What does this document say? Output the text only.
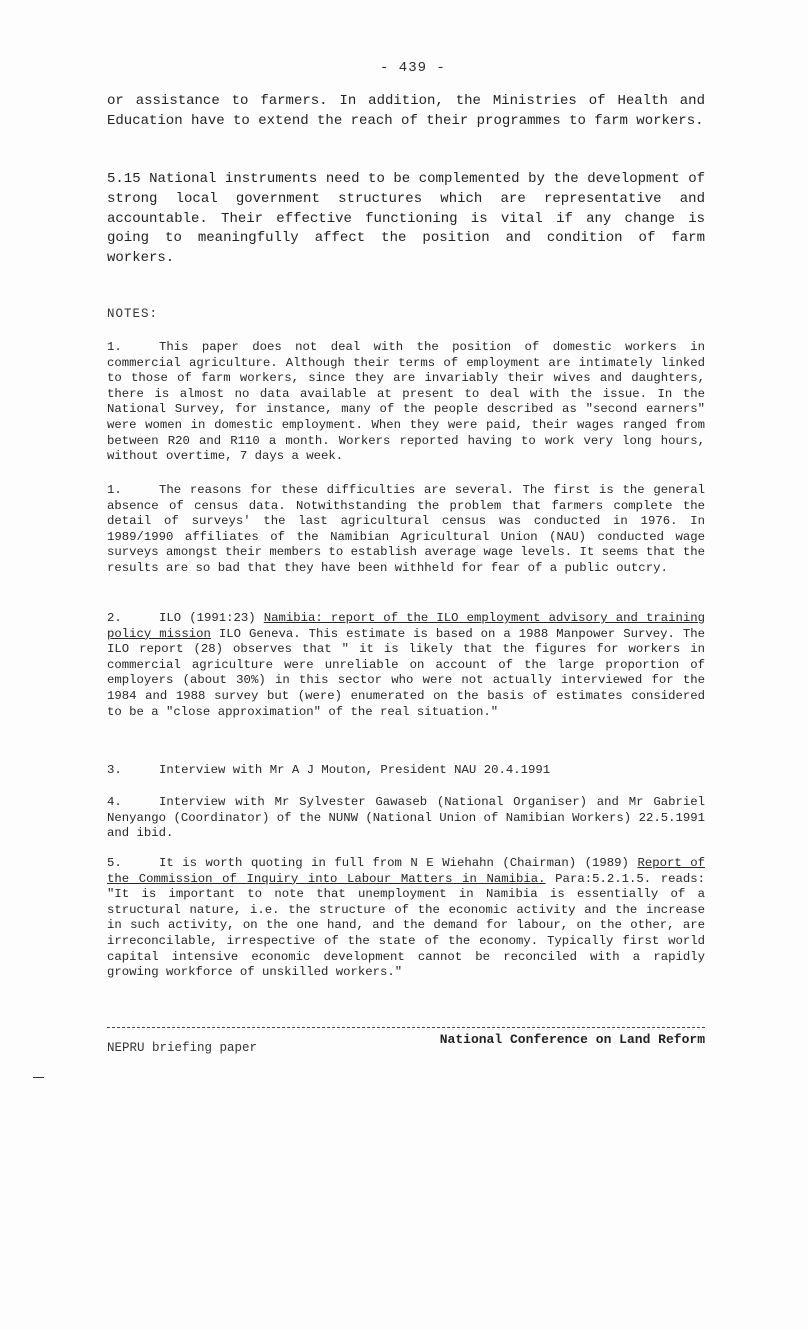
- 439 -
or assistance to farmers. In addition, the Ministries of Health and Education have to extend the reach of their programmes to farm workers.
5.15 National instruments need to be complemented by the development of strong local government structures which are representative and accountable. Their effective functioning is vital if any change is going to meaningfully affect the position and condition of farm workers.
NOTES:
1.	This paper does not deal with the position of domestic workers in commercial agriculture. Although their terms of employment are intimately linked to those of farm workers, since they are invariably their wives and daughters, there is almost no data available at present to deal with the issue. In the National Survey, for instance, many of the people described as "second earners" were women in domestic employment. When they were paid, their wages ranged from between R20 and R110 a month. Workers reported having to work very long hours, without overtime, 7 days a week.
1.	The reasons for these difficulties are several. The first is the general absence of census data. Notwithstanding the problem that farmers complete the detail of surveys' the last agricultural census was conducted in 1976. In 1989/1990 affiliates of the Namibian Agricultural Union (NAU) conducted wage surveys amongst their members to establish average wage levels. It seems that the results are so bad that they have been withheld for fear of a public outcry.
2.	ILO (1991:23) Namibia: report of the ILO employment advisory and training policy mission ILO Geneva. This estimate is based on a 1988 Manpower Survey. The ILO report (28) observes that " it is likely that the figures for workers in commercial agriculture were unreliable on account of the large proportion of employers (about 30%) in this sector who were not actually interviewed for the 1984 and 1988 survey but (were) enumerated on the basis of estimates considered to be a "close approximation" of the real situation."
3.	Interview with Mr A J Mouton, President NAU 20.4.1991
4.	Interview with Mr Sylvester Gawaseb (National Organiser) and Mr Gabriel Nenyango (Coordinator) of the NUNW (National Union of Namibian Workers) 22.5.1991 and ibid.
5.	It is worth quoting in full from N E Wiehahn (Chairman) (1989) Report of the Commission of Inquiry into Labour Matters in Namibia. Para:5.2.1.5. reads: "It is important to note that unemployment in Namibia is essentially of a structural nature, i.e. the structure of the economic activity and the increase in such activity, on the one hand, and the demand for labour, on the other, are irreconcilable, irrespective of the state of the economy. Typically first world capital intensive economic development cannot be reconciled with a rapidly growing workforce of unskilled workers."
NEPRU briefing paper
National Conference on Land Reform
